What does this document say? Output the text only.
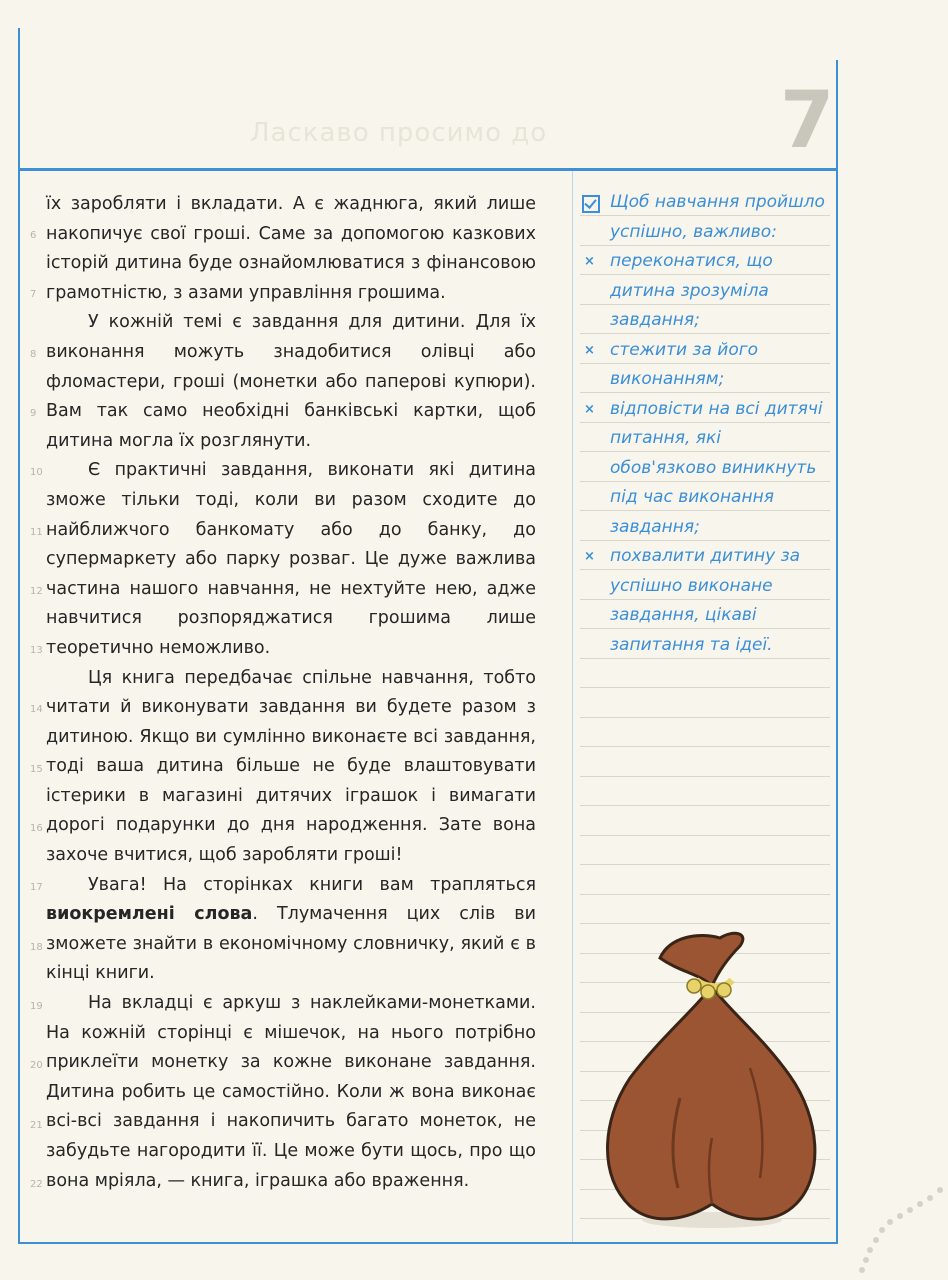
Ласкаво просимо до	7
6
7
8
9
10
11
12
13
14
15
16
17
18
19
20
21
22

їх заробляти і вкладати. А є жаднюга, який лише накопичує свої гроші. Саме за допомогою казкових історій дитина буде ознайомлюватися з фінансовою грамотністю, з азами управління грошима.

У кожній темі є завдання для дитини. Для їх виконання можуть знадобитися олівці або фломастери, гроші (монетки або паперові купюри). Вам так само необхідні банківські картки, щоб дитина могла їх розглянути.

Є практичні завдання, виконати які дитина зможе тільки тоді, коли ви разом сходите до найближчого банкомату або до банку, до супермаркету або парку розваг. Це дуже важлива частина нашого навчання, не нехтуйте нею, адже навчитися розпоряджатися грошима лише теоретично неможливо.

Ця книга передбачає спільне навчання, тобто читати й виконувати завдання ви будете разом з дитиною. Якщо ви сумлінно виконаєте всі завдання, тоді ваша дитина більше не буде влаштовувати істерики в магазині дитячих іграшок і вимагати дорогі подарунки до дня народження. Зате вона захоче вчитися, щоб заробляти гроші!

Увага! На сторінках книги вам трапляться виокремлені слова. Тлумачення цих слів ви зможете знайти в економічному словничку, який є в кінці книги.

На вкладці є аркуш з наклейками-монетками. На кожній сторінці є мішечок, на нього потрібно приклеїти монетку за кожне виконане завдання. Дитина робить це самостійно. Коли ж вона виконає всі-всі завдання і накопичить багато монеток, не забудьте нагородити її. Це може бути щось, про що вона мріяла, — книга, іграшка або враження.

Щоб навчання пройшло успішно, важливо:
× переконатися, що дитина зрозуміла завдання;
× стежити за його виконанням;
× відповісти на всі дитячі питання, які обов'язково виникнуть під час виконання завдання;
× похвалити дитину за успішно виконане завдання, цікаві запитання та ідеї.
